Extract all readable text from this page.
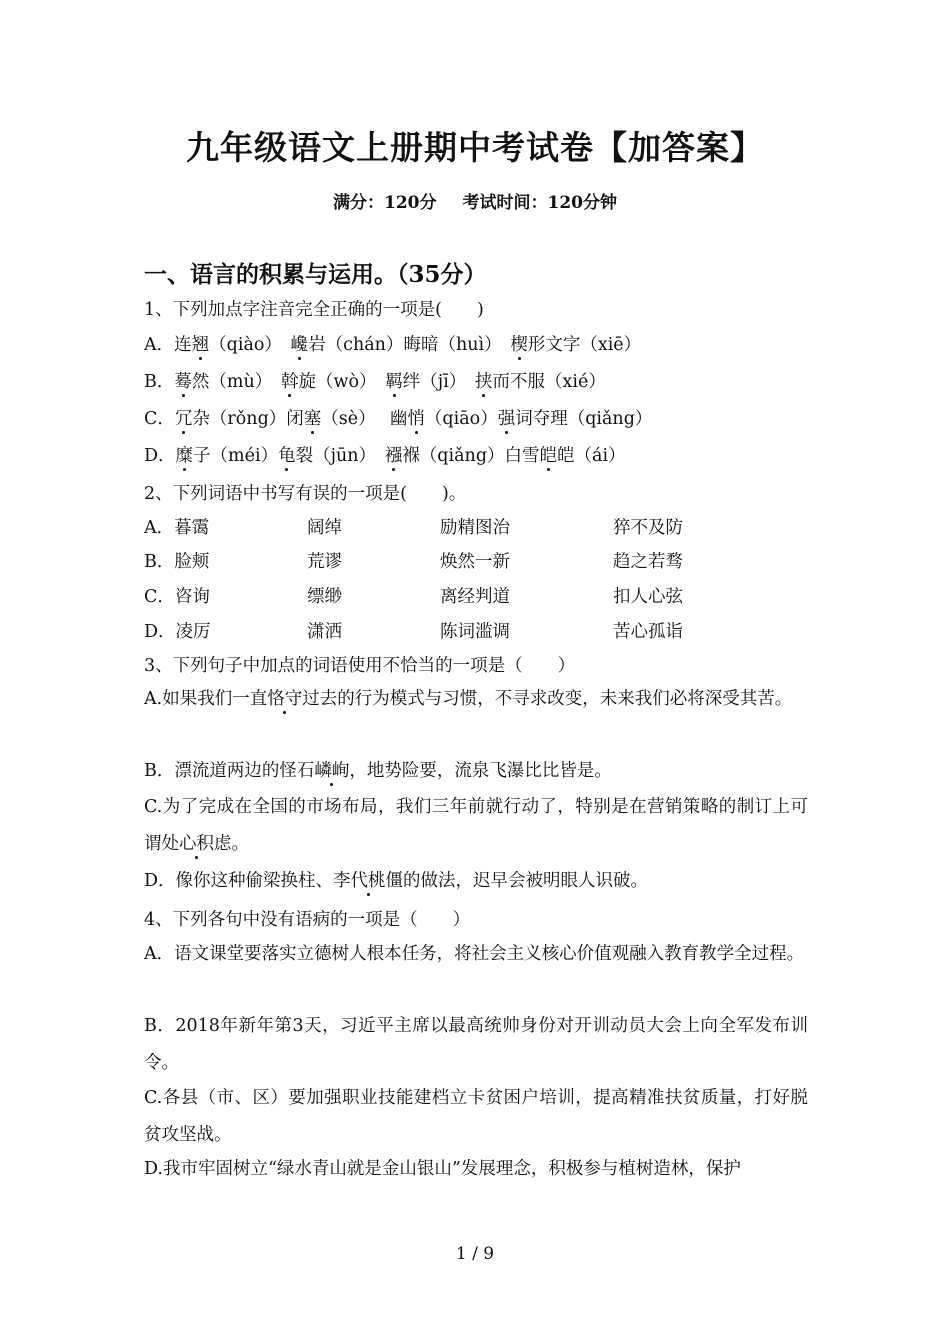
九年级语文上册期中考试卷【加答案】
满分：120分 考试时间：120分钟
一、语言的积累与运用。（35分）
1、下列加点字注音完全正确的一项是(　　)
A．连翘（qiào）　巉岩（chán）晦暗（huì）　楔形文字（xiē）
B．蓦然（mù）　斡旋（wò）　羁绊（jī）　挟而不服（xié）
C．冗杂（rǒng）闭塞（sè）　 幽悄（qiāo）强词夺理（qiǎng）
D．糜子（méi）龟裂（jūn）　襁褓（qiǎng）白雪皑皑（ái）
2、下列词语中书写有误的一项是(　　)。
A．暮霭	阔绰	励精图治	猝不及防
B．脸颊	荒谬	焕然一新	趋之若骛
C．咨询	缥缈	离经判道	扣人心弦
D．凌厉	潇洒	陈词滥调	苦心孤诣
3、下列句子中加点的词语使用不恰当的一项是（　　）
A.如果我们一直恪守过去的行为模式与习惯，不寻求改变，未来我们必将深受其苦。
B．漂流道两边的怪石嶙峋，地势险要，流泉飞瀑比比皆是。
C.为了完成在全国的市场布局，我们三年前就行动了，特别是在营销策略的制订上可谓处心积虑。
D．像你这种偷梁换柱、李代桃僵的做法，迟早会被明眼人识破。
4、下列各句中没有语病的一项是（　　）
A．语文课堂要落实立德树人根本任务，将社会主义核心价值观融入教育教学全过程。
B．2018年新年第3天，习近平主席以最高统帅身份对开训动员大会上向全军发布训令。
C.各县（市、区）要加强职业技能建档立卡贫困户培训，提高精准扶贫质量，打好脱贫攻坚战。
D.我市牢固树立“绿水青山就是金山银山”发展理念，积极参与植树造林，保护
1 / 9
